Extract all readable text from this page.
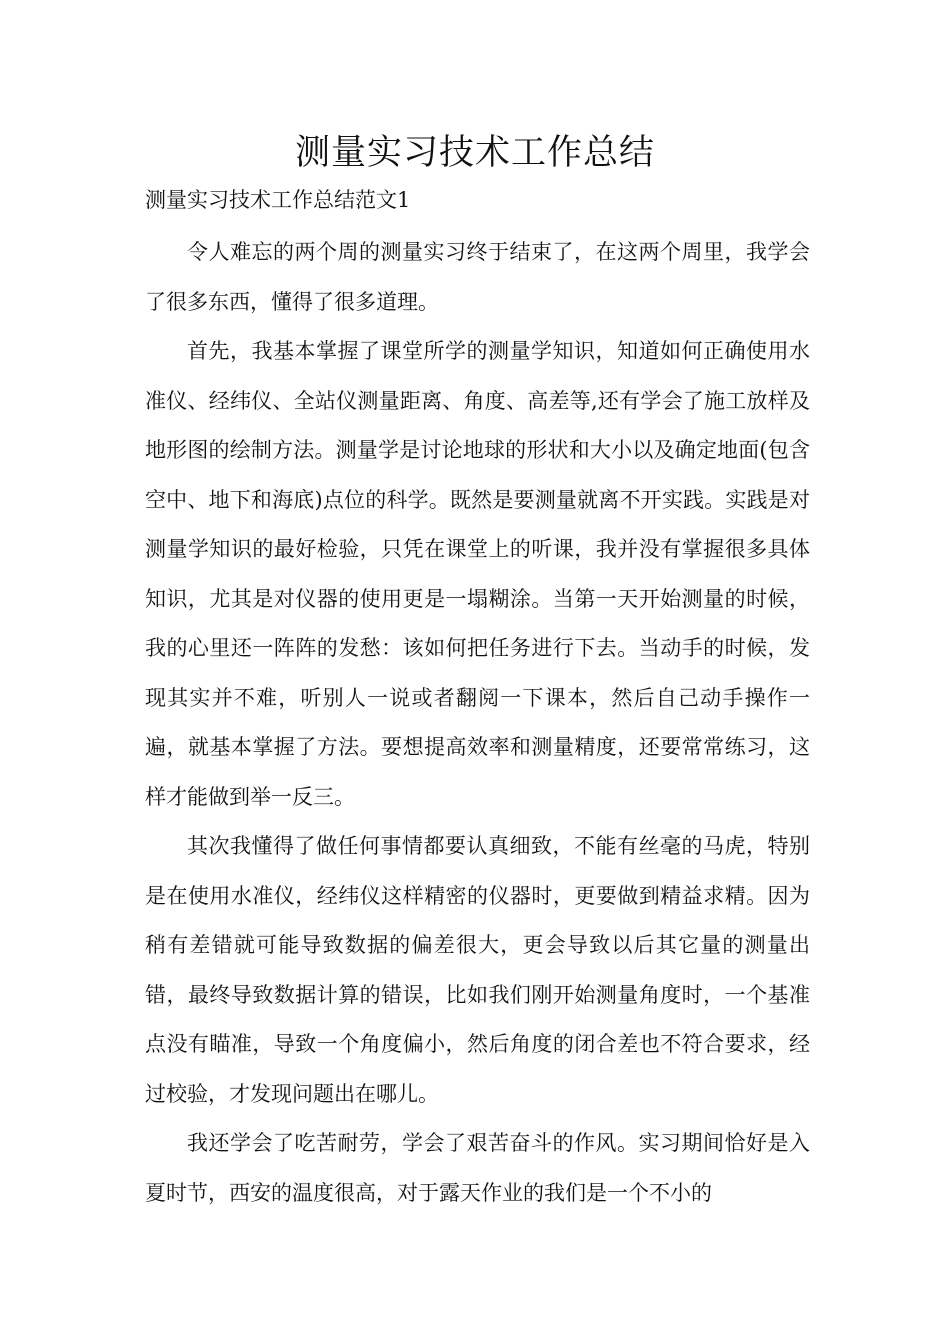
测量实习技术工作总结
测量实习技术工作总结范文1

令人难忘的两个周的测量实习终于结束了，在这两个周里，我学会了很多东西，懂得了很多道理。

首先，我基本掌握了课堂所学的测量学知识，知道如何正确使用水准仪、经纬仪、全站仪测量距离、角度、高差等,还有学会了施工放样及地形图的绘制方法。测量学是讨论地球的形状和大小以及确定地面(包含空中、地下和海底)点位的科学。既然是要测量就离不开实践。实践是对测量学知识的最好检验，只凭在课堂上的听课，我并没有掌握很多具体知识，尤其是对仪器的使用更是一塌糊涂。当第一天开始测量的时候，我的心里还一阵阵的发愁：该如何把任务进行下去。当动手的时候，发现其实并不难，听别人一说或者翻阅一下课本，然后自己动手操作一遍，就基本掌握了方法。要想提高效率和测量精度，还要常常练习，这样才能做到举一反三。

其次我懂得了做任何事情都要认真细致，不能有丝毫的马虎，特别是在使用水准仪，经纬仪这样精密的仪器时，更要做到精益求精。因为稍有差错就可能导致数据的偏差很大，更会导致以后其它量的测量出错，最终导致数据计算的错误，比如我们刚开始测量角度时，一个基准点没有瞄准，导致一个角度偏小，然后角度的闭合差也不符合要求，经过校验，才发现问题出在哪儿。

我还学会了吃苦耐劳，学会了艰苦奋斗的作风。实习期间恰好是入夏时节，西安的温度很高，对于露天作业的我们是一个不小的
